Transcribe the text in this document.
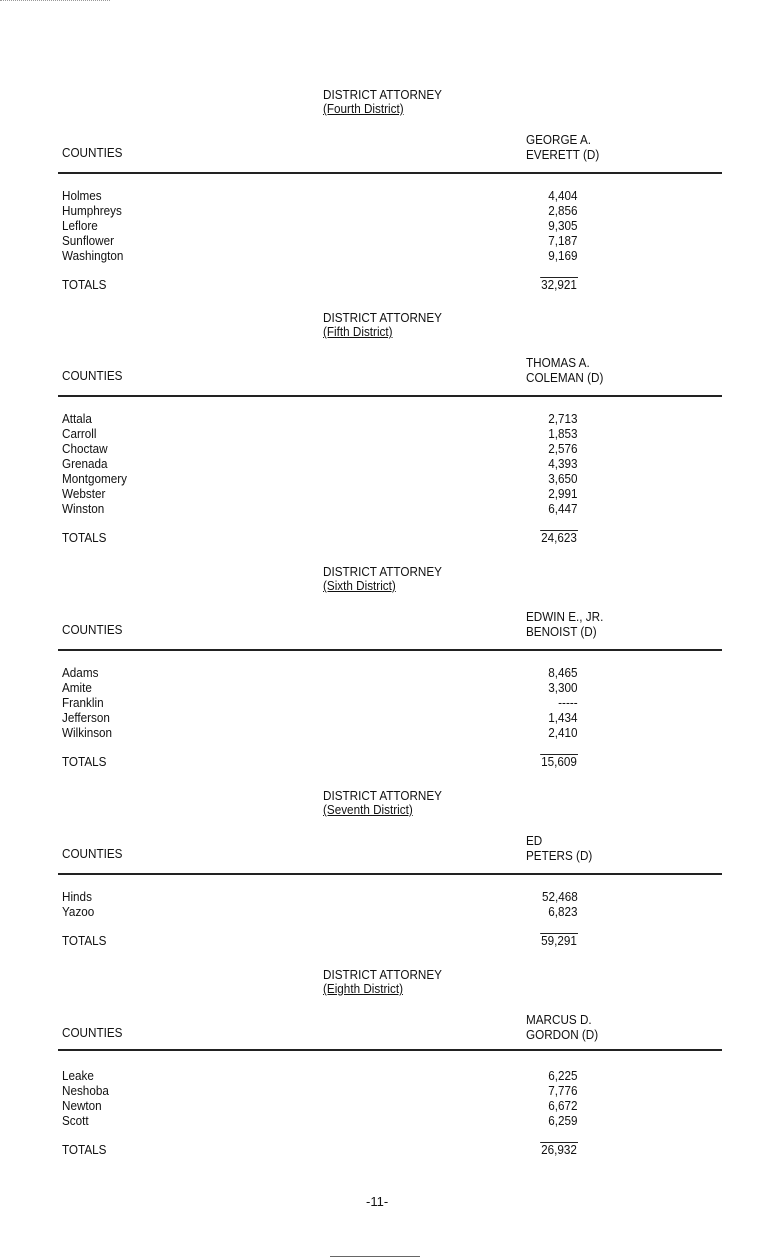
DISTRICT ATTORNEY
(Fourth District)
GEORGE A.
EVERETT (D)
COUNTIES
Holmes	4,404
Humphreys	2,856
Leflore	9,305
Sunflower	7,187
Washington	9,169
TOTALS	32,921
DISTRICT ATTORNEY
(Fifth District)
THOMAS A.
COLEMAN (D)
COUNTIES
Attala	2,713
Carroll	1,853
Choctaw	2,576
Grenada	4,393
Montgomery	3,650
Webster	2,991
Winston	6,447
TOTALS	24,623
DISTRICT ATTORNEY
(Sixth District)
EDWIN E., JR.
BENOIST (D)
COUNTIES
Adams	8,465
Amite	3,300
Franklin	-----
Jefferson	1,434
Wilkinson	2,410
TOTALS	15,609
DISTRICT ATTORNEY
(Seventh District)
ED
PETERS (D)
COUNTIES
Hinds	52,468
Yazoo	6,823
TOTALS	59,291
DISTRICT ATTORNEY
(Eighth District)
MARCUS D.
GORDON (D)
COUNTIES
Leake	6,225
Neshoba	7,776
Newton	6,672
Scott	6,259
TOTALS	26,932
-11-
